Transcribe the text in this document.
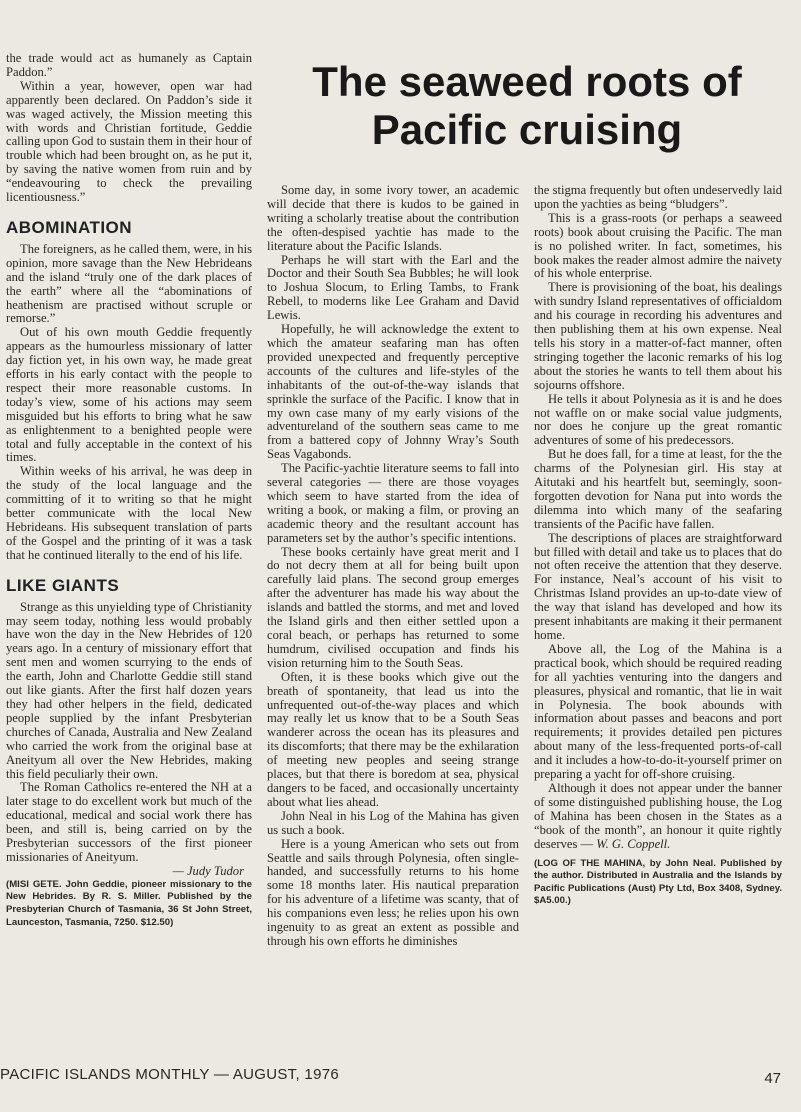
The seaweed roots of Pacific cruising

the trade would act as humanely as Captain Paddon.”

Within a year, however, open war had apparently been declared. On Paddon’s side it was waged actively, the Mission meeting this with words and Christian fortitude, Geddie calling upon God to sustain them in their hour of trouble which had been brought on, as he put it, by saving the native women from ruin and by “endeavouring to check the prevailing licentiousness.”

ABOMINATION

The foreigners, as he called them, were, in his opinion, more savage than the New Hebrideans and the island “truly one of the dark places of the earth” where all the “abominations of heathenism are practised without scruple or remorse.”

Out of his own mouth Geddie frequently appears as the humourless missionary of latter day fiction yet, in his own way, he made great efforts in his early contact with the people to respect their more reasonable customs. In today’s view, some of his actions may seem misguided but his efforts to bring what he saw as enlightenment to a benighted people were total and fully acceptable in the context of his times.

Within weeks of his arrival, he was deep in the study of the local language and the committing of it to writing so that he might better communicate with the local New Hebrideans. His subsequent translation of parts of the Gospel and the printing of it was a task that he continued literally to the end of his life.

LIKE GIANTS

Strange as this unyielding type of Christianity may seem today, nothing less would probably have won the day in the New Hebrides of 120 years ago. In a century of missionary effort that sent men and women scurrying to the ends of the earth, John and Charlotte Geddie still stand out like giants. After the first half dozen years they had other helpers in the field, dedicated people supplied by the infant Presbyterian churches of Canada, Australia and New Zealand who carried the work from the original base at Aneityum all over the New Hebrides, making this field peculiarly their own.

The Roman Catholics re-entered the NH at a later stage to do excellent work but much of the educational, medical and social work there has been, and still is, being carried on by the Presbyterian successors of the first pioneer missionaries of Aneityum.

— Judy Tudor

(MISI GETE. John Geddie, pioneer missionary to the New Hebrides. By R. S. Miller. Published by the Presbyterian Church of Tasmania, 36 St John Street, Launceston, Tasmania, 7250. $12.50)

Some day, in some ivory tower, an academic will decide that there is kudos to be gained in writing a scholarly treatise about the contribution the often-despised yachtie has made to the literature about the Pacific Islands.

Perhaps he will start with the Earl and the Doctor and their South Sea Bubbles; he will look to Joshua Slocum, to Erling Tambs, to Frank Rebell, to moderns like Lee Graham and David Lewis.

Hopefully, he will acknowledge the extent to which the amateur seafaring man has often provided unexpected and frequently perceptive accounts of the cultures and life-styles of the inhabitants of the out-of-the-way islands that sprinkle the surface of the Pacific. I know that in my own case many of my early visions of the adventureland of the southern seas came to me from a battered copy of Johnny Wray’s South Seas Vagabonds.

The Pacific-yachtie literature seems to fall into several categories — there are those voyages which seem to have started from the idea of writing a book, or making a film, or proving an academic theory and the resultant account has parameters set by the author’s specific intentions.

These books certainly have great merit and I do not decry them at all for being built upon carefully laid plans. The second group emerges after the adventurer has made his way about the islands and battled the storms, and met and loved the Island girls and then either settled upon a coral beach, or perhaps has returned to some humdrum, civilised occupation and finds his vision returning him to the South Seas.

Often, it is these books which give out the breath of spontaneity, that lead us into the unfrequented out-of-the-way places and which may really let us know that to be a South Seas wanderer across the ocean has its pleasures and its discomforts; that there may be the exhilaration of meeting new peoples and seeing strange places, but that there is boredom at sea, physical dangers to be faced, and occasionally uncertainty about what lies ahead.

John Neal in his Log of the Mahina has given us such a book.

Here is a young American who sets out from Seattle and sails through Polynesia, often single-handed, and successfully returns to his home some 18 months later. His nautical preparation for his adventure of a lifetime was scanty, that of his companions even less; he relies upon his own ingenuity to as great an extent as possible and through his own efforts he diminishes

the stigma frequently but often undeservedly laid upon the yachties as being “bludgers”.

This is a grass-roots (or perhaps a seaweed roots) book about cruising the Pacific. The man is no polished writer. In fact, sometimes, his book makes the reader almost admire the naivety of his whole enterprise.

There is provisioning of the boat, his dealings with sundry Island representatives of officialdom and his courage in recording his adventures and then publishing them at his own expense. Neal tells his story in a matter-of-fact manner, often stringing together the laconic remarks of his log about the stories he wants to tell them about his sojourns offshore.

He tells it about Polynesia as it is and he does not waffle on or make social value judgments, nor does he conjure up the great romantic adventures of some of his predecessors.

But he does fall, for a time at least, for the the charms of the Polynesian girl. His stay at Aitutaki and his heartfelt but, seemingly, soon-forgotten devotion for Nana put into words the dilemma into which many of the seafaring transients of the Pacific have fallen.

The descriptions of places are straightforward but filled with detail and take us to places that do not often receive the attention that they deserve. For instance, Neal’s account of his visit to Christmas Island provides an up-to-date view of the way that island has developed and how its present inhabitants are making it their permanent home.

Above all, the Log of the Mahina is a practical book, which should be required reading for all yachties venturing into the dangers and pleasures, physical and romantic, that lie in wait in Polynesia. The book abounds with information about passes and beacons and port requirements; it provides detailed pen pictures about many of the less-frequented ports-of-call and it includes a how-to-do-it-yourself primer on preparing a yacht for off-shore cruising.

Although it does not appear under the banner of some distinguished publishing house, the Log of Mahina has been chosen in the States as a “book of the month”, an honour it quite rightly deserves — W. G. Coppell.

(LOG OF THE MAHINA, by John Neal. Published by the author. Distributed in Australia and the Islands by Pacific Publications (Aust) Pty Ltd, Box 3408, Sydney. $A5.00.)

PACIFIC ISLANDS MONTHLY — AUGUST, 1976	47
